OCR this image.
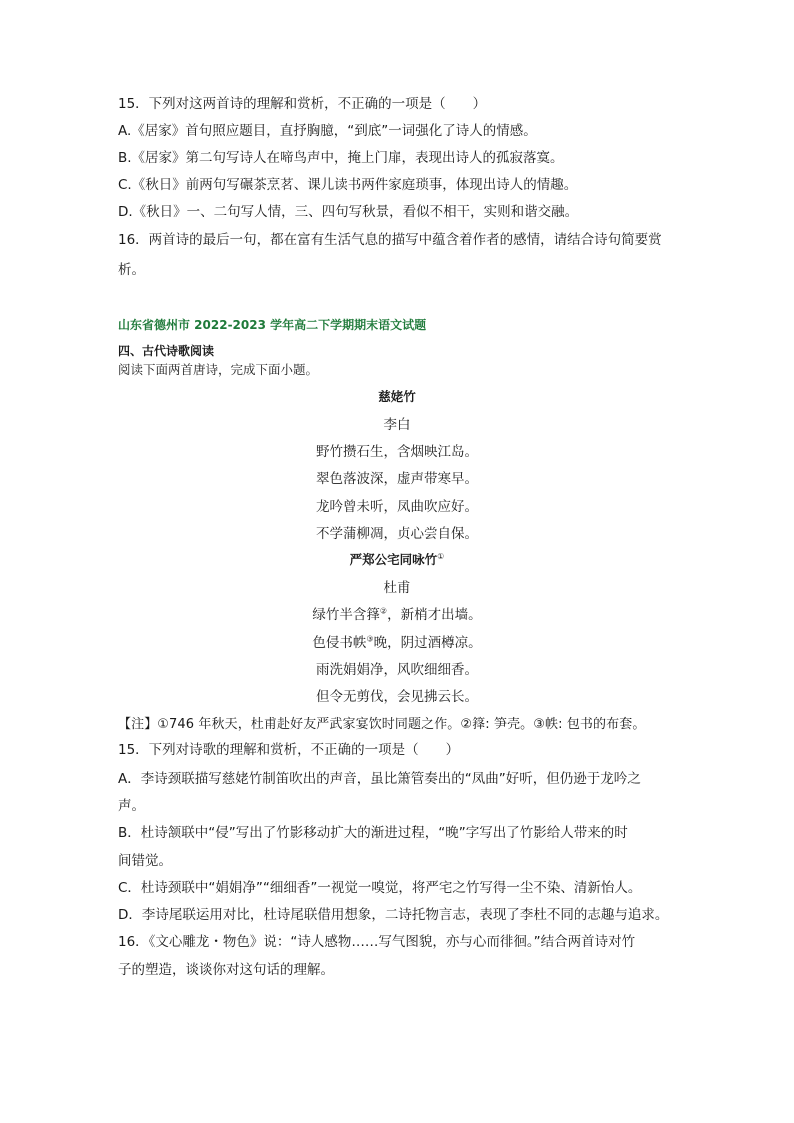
15．下列对这两首诗的理解和赏析，不正确的一项是（　　）
A.《居家》首句照应题目，直抒胸臆，“到底”一词强化了诗人的情感。
B.《居家》第二句写诗人在啼鸟声中，掩上门扉，表现出诗人的孤寂落寞。
C.《秋日》前两句写碾茶烹茗、课儿读书两件家庭琐事，体现出诗人的情趣。
D.《秋日》一、二句写人情，三、四句写秋景，看似不相干，实则和谐交融。
16．两首诗的最后一句，都在富有生活气息的描写中蕴含着作者的感情，请结合诗句简要赏
析。
山东省德州市 2022-2023 学年高二下学期期末语文试题
四、古代诗歌阅读
阅读下面两首唐诗，完成下面小题。
慈姥竹
李白
野竹攒石生，含烟映江岛。
翠色落波深，虚声带寒早。
龙吟曾未听，凤曲吹应好。
不学蒲柳凋，贞心尝自保。
严郑公宅同咏竹①
杜甫
绿竹半含箨②，新梢才出墙。
色侵书帙③晚，阴过酒樽凉。
雨洗娟娟净，风吹细细香。
但令无剪伐，会见拂云长。
【注】①746 年秋天，杜甫赴好友严武家宴饮时同题之作。②箨: 笋壳。③帙: 包书的布套。
15．下列对诗歌的理解和赏析，不正确的一项是（　　）
A．李诗颈联描写慈姥竹制笛吹出的声音，虽比箫管奏出的“凤曲”好听，但仍逊于龙吟之
声。
B．杜诗颔联中“侵”写出了竹影移动扩大的渐进过程，“晚”字写出了竹影给人带来的时
间错觉。
C．杜诗颈联中“娟娟净”“细细香”一视觉一嗅觉，将严宅之竹写得一尘不染、清新怡人。
D．李诗尾联运用对比，杜诗尾联借用想象，二诗托物言志，表现了李杜不同的志趣与追求。
16．《文心雕龙・物色》说：“诗人感物……写气图貌，亦与心而徘徊。”结合两首诗对竹
子的塑造，谈谈你对这句话的理解。
